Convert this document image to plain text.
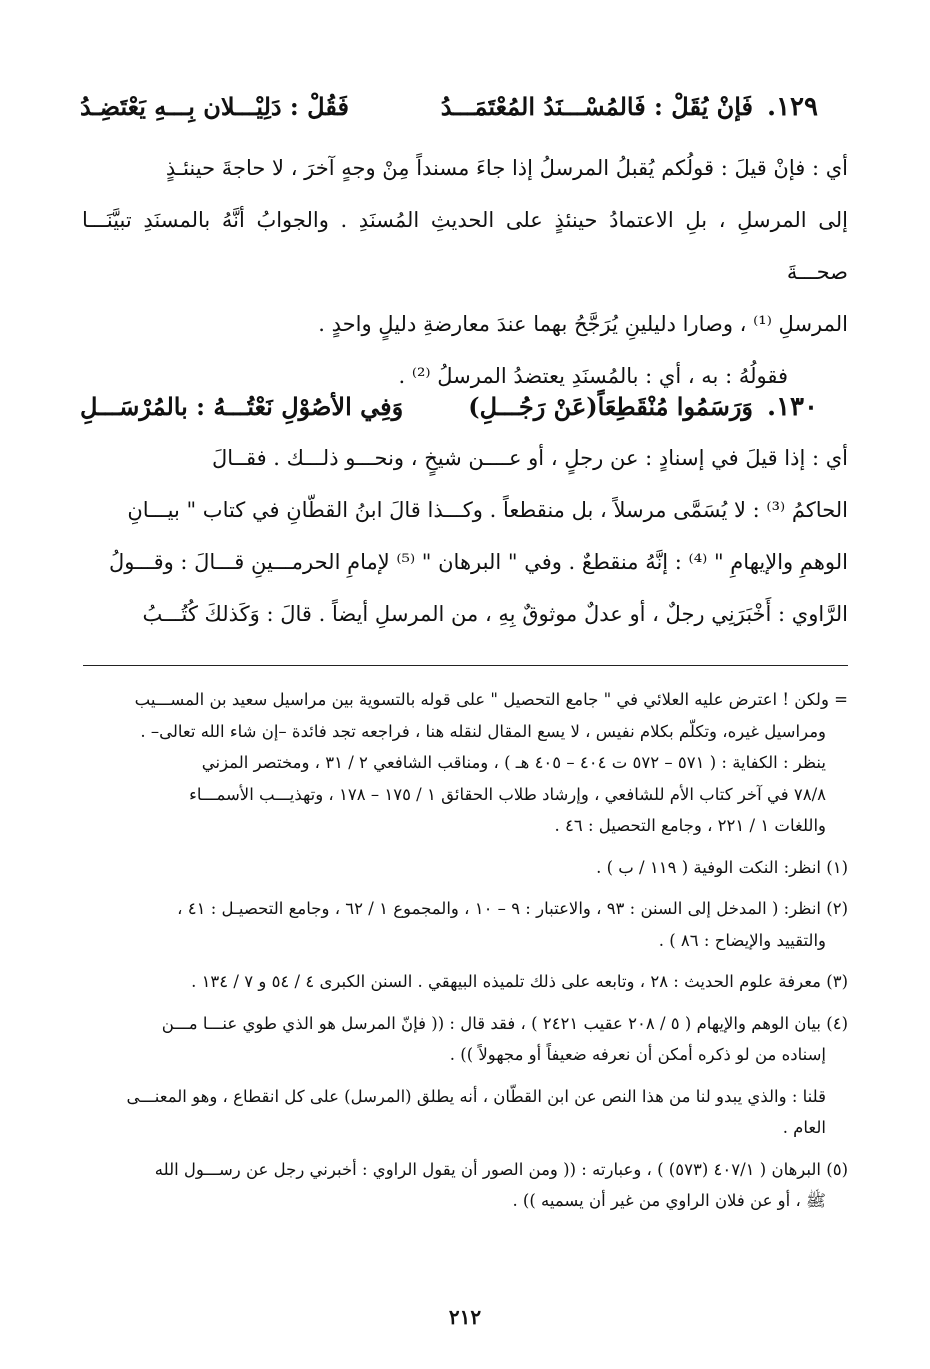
١٢٩.
فَإنْ يُقَلْ : فَالمُسْـــنَدُ المُعْتَمَـــدُ
فَقُلْ : دَلِيْـــلان بِـــهِ يَعْتَضِـدُ

أي : فإنْ قيلَ : قولُكم يُقبلُ المرسلُ إذا جاءَ مسنداً مِنْ وجهٍ آخرَ ، لا حاجةَ حينئـذٍ

إلى المرسلِ ، بلِ الاعتمادُ حينئذٍ على الحديثِ المُسنَدِ . والجوابُ أنَّهُ بالمسنَدِ تبيَّنَـــا صحـــةَ

المرسلِ ⁽¹⁾ ، وصارا دليلينِ يُرَجَّحُ بهما عندَ معارضةِ دليلٍ واحدٍ .

فقولُهُ : به ، أي : بالمُسنَدِ يعتضدُ المرسلُ ⁽²⁾ .

١٣٠.
وَرَسَمُوا مُنْقَطِعَاً(عَنْ رَجُـــلِ)
وَفِي الأصُوْلِ نَعْتُـــهُ : بالمُرْسَـــلِ

أي : إذا قيلَ في إسنادٍ : عن رجلٍ ، أو عــــن شيخٍ ، ونحـــو ذلـــك . فقــالَ

الحاكمُ ⁽³⁾ : لا يُسَمَّى مرسلاً ، بل منقطعاً . وكـــذا قالَ ابنُ القطّانِ في كتاب " بيـــانِ

الوهمِ والإيهامِ " ⁽⁴⁾ : إنَّهُ منقطعٌ . وفي " البرهان " ⁽⁵⁾ لإمامِ الحرمـــينِ قـــالَ : وقـــولُ

الرَّاوي : أَخْبَرَنِي رجلٌ ، أو عدلٌ موثوقٌ بِهِ ، من المرسلِ أيضاً . قالَ : وَكَذلكَ كُتُـــبُ

= ولكن ! اعترض عليه العلائي في " جامع التحصيل " على قوله بالتسوية بين مراسيل سعيد بن المســـيب

ومراسيل غيره، وتكلّم بكلام نفيس ، لا يسع المقال لنقله هنا ، فراجعه تجد فائدة –إن شاء الله تعالى– .

ينظر : الكفاية : ( ٥٧١ – ٥٧٢ ت ٤٠٤ – ٤٠٥ هـ ) ، ومناقب الشافعي ٢ / ٣١ ، ومختصر المزني

٧٨/٨ في آخر كتاب الأم للشافعي ، وإرشاد طلاب الحقائق ١ / ١٧٥ – ١٧٨ ، وتهذيـــب الأسمـــاء

واللغات ١ / ٢٢١ ، وجامع التحصيل : ٤٦ .

(١) انظر: النكت الوفية ( ١١٩ / ب ) .

(٢) انظر: ( المدخل إلى السنن : ٩٣ ، والاعتبار : ٩ – ١٠ ، والمجموع ١ / ٦٢ ، وجامع التحصيـل : ٤١ ،

والتقييد والإيضاح : ٨٦ ) .

(٣) معرفة علوم الحديث : ٢٨ ، وتابعه على ذلك تلميذه البيهقي . السنن الكبرى ٤ / ٥٤ و ٧ / ١٣٤ .

(٤) بيان الوهم والإيهام ( ٥ / ٢٠٨ عقيب ٢٤٢١ ) ، فقد قال : (( فإنّ المرسل هو الذي طوي عنـــا مـــن

إسناده من لو ذكره أمكن أن نعرفه ضعيفاً أو مجهولاً )) .

قلنا : والذي يبدو لنا من هذا النص عن ابن القطّان ، أنه يطلق (المرسل) على كل انقطاع ، وهو المعنـــى

العام .

(٥) البرهان ( ٤٠٧/١ (٥٧٣) ) ، وعبارته : (( ومن الصور أن يقول الراوي : أخبرني رجل عن رســـول الله

ﷺ ، أو عن فلان الراوي من غير أن يسميه )) .

٢١٢
